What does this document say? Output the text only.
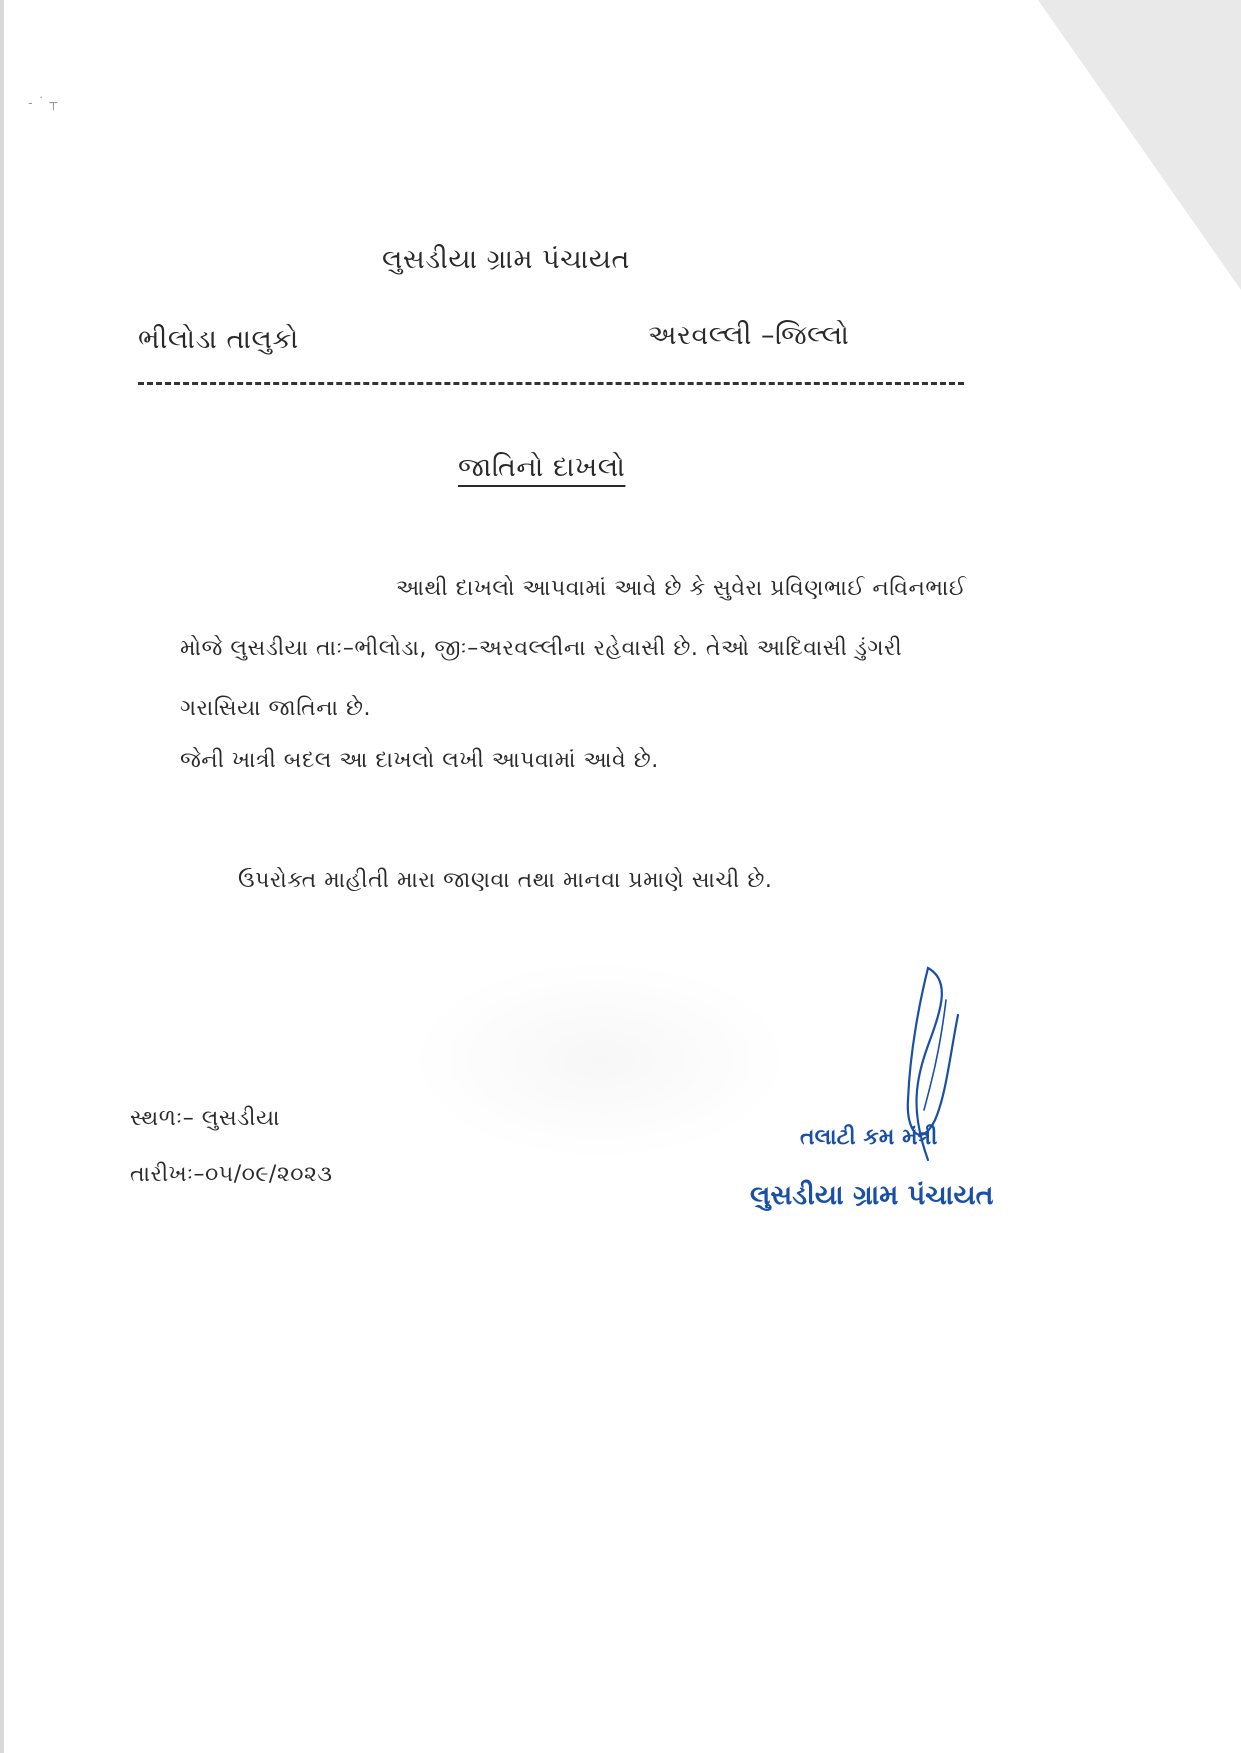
‑ ˙ ┬
લુસડીયા ગ્રામ પંચાયત
ભીલોડા તાલુકો	અરવલ્લી –જિલ્લો
જાતિનો દાખલો
આથી દાખલો આપવામાં આવે છે કે સુવેરા પ્રવિણભાઈ નવિનભાઈ
મોજે લુસડીયા તાઃ–ભીલોડા, જીઃ–અરવલ્લીના રહેવાસી છે. તેઓ આદિવાસી ડુંગરી
ગરાસિયા જાતિના છે.
જેની ખાત્રી બદલ આ દાખલો લખી આપવામાં આવે છે.
ઉપરોક્ત માહીતી મારા જાણવા તથા માનવા પ્રમાણે સાચી છે.
સ્થળઃ– લુસડીયા
તારીખઃ–૦૫/૦૯/૨૦૨૩
તલાટી કમ મંત્રી
લુસડીયા ગ્રામ પંચાયત
